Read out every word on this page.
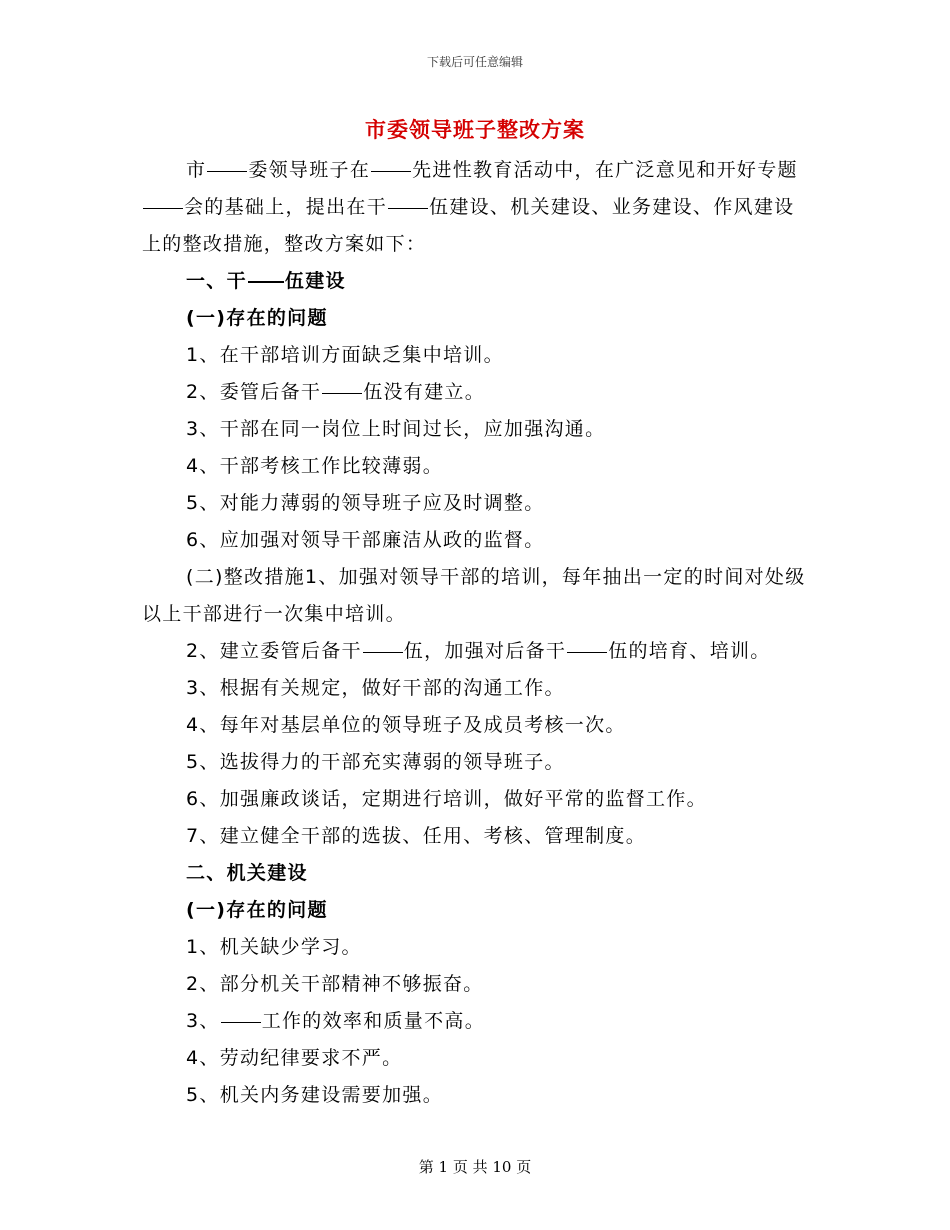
下载后可任意编辑
市委领导班子整改方案

市 委领导班子在 先进性教育活动中，在广泛意见和开好专题会的基础上，提出在干 伍建设、机关建设、业务建设、作风建设上的整改措施，整改方案如下：

一、干 伍建设

(一)存在的问题

1、在干部培训方面缺乏集中培训。

2、委管后备干 伍没有建立。

3、干部在同一岗位上时间过长，应加强沟通。

4、干部考核工作比较薄弱。

5、对能力薄弱的领导班子应及时调整。

6、应加强对领导干部廉洁从政的监督。

(二)整改措施1、加强对领导干部的培训，每年抽出一定的时间对处级以上干部进行一次集中培训。

2、建立委管后备干 伍，加强对后备干 伍的培育、培训。

3、根据有关规定，做好干部的沟通工作。

4、每年对基层单位的领导班子及成员考核一次。

5、选拔得力的干部充实薄弱的领导班子。

6、加强廉政谈话，定期进行培训，做好平常的监督工作。

7、建立健全干部的选拔、任用、考核、管理制度。

二、机关建设

(一)存在的问题

1、机关缺少学习。

2、部分机关干部精神不够振奋。

3、 工作的效率和质量不高。

4、劳动纪律要求不严。

5、机关内务建设需要加强。

第 1 页 共 10 页
